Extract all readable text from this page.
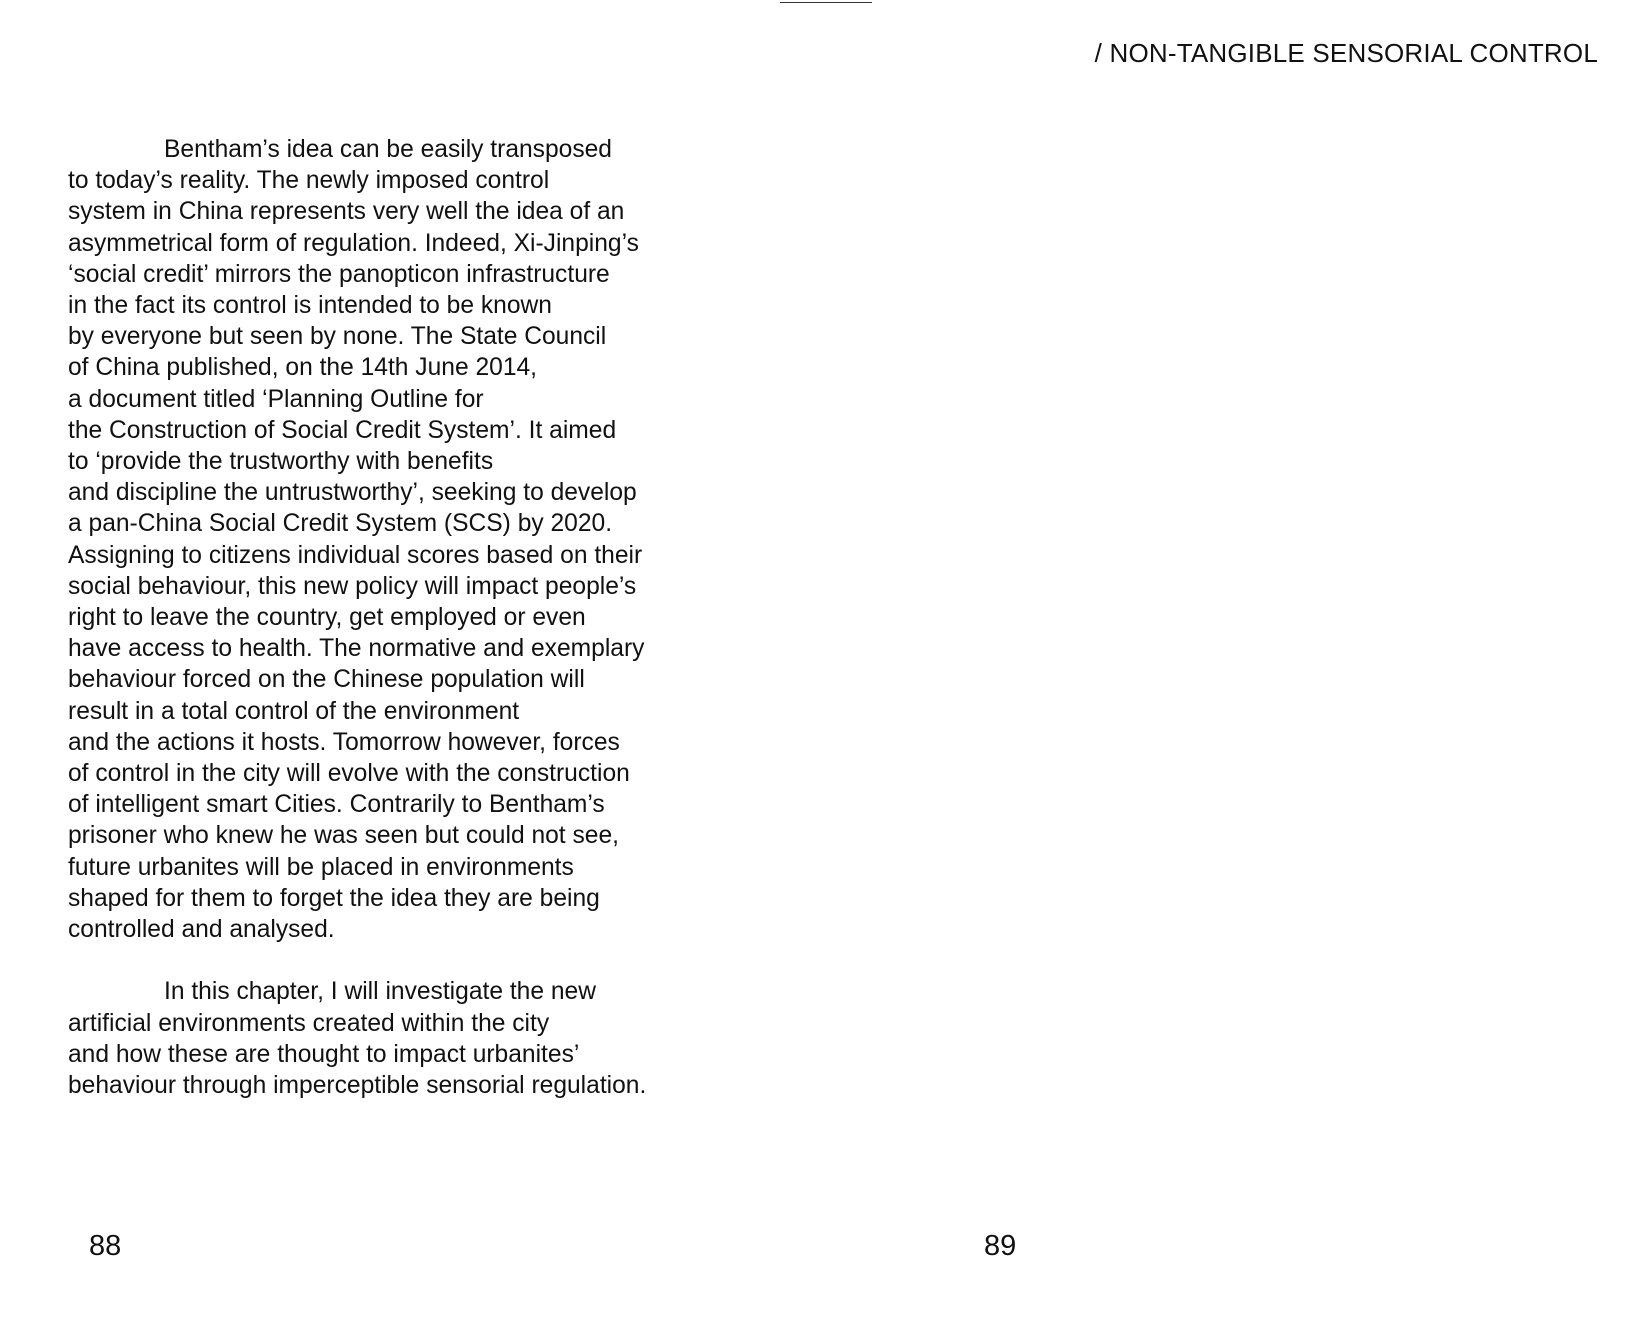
Bentham’s idea can be easily transposed
to today’s reality. The newly imposed control
system in China represents very well the idea of an
asymmetrical form of regulation. Indeed, Xi-Jinping’s
‘social credit’ mirrors the panopticon infrastructure
in the fact its control is intended to be known
by everyone but seen by none. The State Council
of China published, on the 14th June 2014,
a document titled ‘Planning Outline for
the Construction of Social Credit System’. It aimed
to ‘provide the trustworthy with benefits
and discipline the untrustworthy’, seeking to develop
a pan-China Social Credit System (SCS) by 2020.
Assigning to citizens individual scores based on their
social behaviour, this new policy will impact people’s
right to leave the country, get employed or even
have access to health. The normative and exemplary
behaviour forced on the Chinese population will
result in a total control of the environment
and the actions it hosts. Tomorrow however, forces
of control in the city will evolve with the construction
of intelligent smart Cities. Contrarily to Bentham’s
prisoner who knew he was seen but could not see,
future urbanites will be placed in environments
shaped for them to forget the idea they are being
controlled and analysed.

In this chapter, I will investigate the new
artificial environments created within the city
and how these are thought to impact urbanites’
behaviour through imperceptible sensorial regulation.

88
/ NON-TANGIBLE SENSORIAL CONTROL
89
